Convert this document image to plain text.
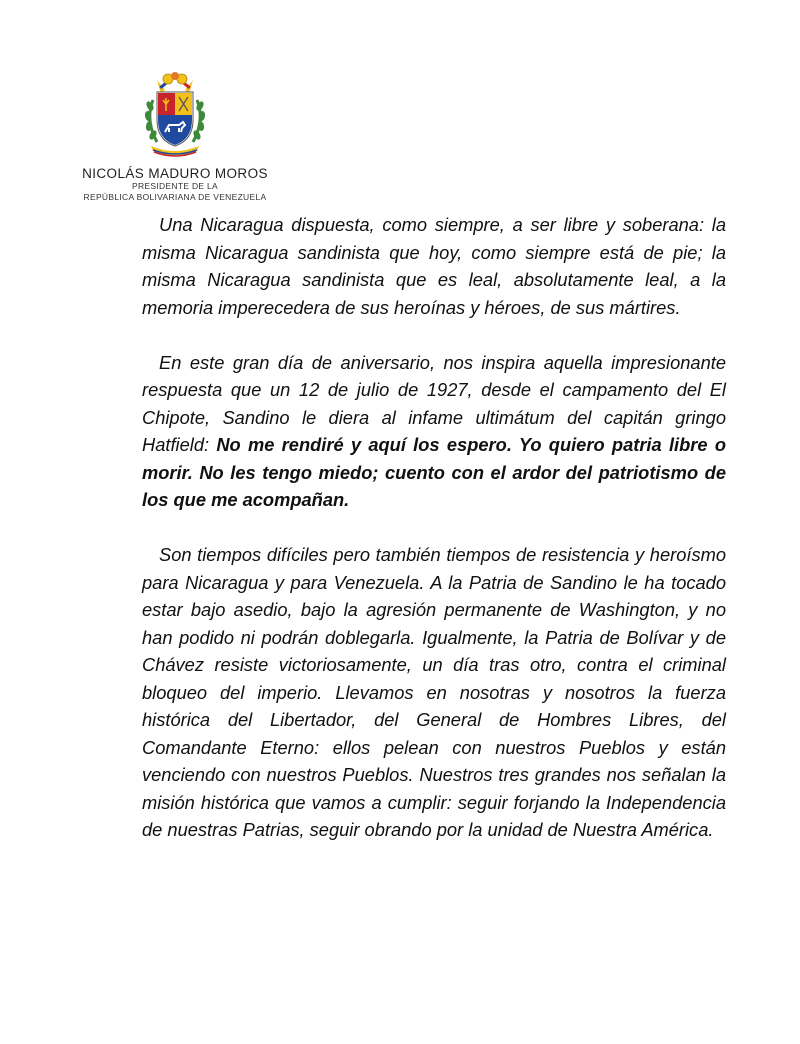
NICOLÁS MADURO MOROS
PRESIDENTE DE LA
REPÚBLICA BOLIVARIANA DE VENEZUELA

Una Nicaragua dispuesta, como siempre, a ser libre y soberana: la misma Nicaragua sandinista que hoy, como siempre está de pie; la misma Nicaragua sandinista que es leal, absolutamente leal, a la memoria imperecedera de sus heroínas y héroes, de sus mártires.

En este gran día de aniversario, nos inspira aquella impresionante respuesta que un 12 de julio de 1927, desde el campamento del El Chipote, Sandino le diera al infame ultimátum del capitán gringo Hatfield: No me rendiré y aquí los espero. Yo quiero patria libre o morir. No les tengo miedo; cuento con el ardor del patriotismo de los que me acompañan.

Son tiempos difíciles pero también tiempos de resistencia y heroísmo para Nicaragua y para Venezuela. A la Patria de Sandino le ha tocado estar bajo asedio, bajo la agresión permanente de Washington, y no han podido ni podrán doblegarla. Igualmente, la Patria de Bolívar y de Chávez resiste victoriosamente, un día tras otro, contra el criminal bloqueo del imperio. Llevamos en nosotras y nosotros la fuerza histórica del Libertador, del General de Hombres Libres, del Comandante Eterno: ellos pelean con nuestros Pueblos y están venciendo con nuestros Pueblos. Nuestros tres grandes nos señalan la misión histórica que vamos a cumplir: seguir forjando la Independencia de nuestras Patrias, seguir obrando por la unidad de Nuestra América.
